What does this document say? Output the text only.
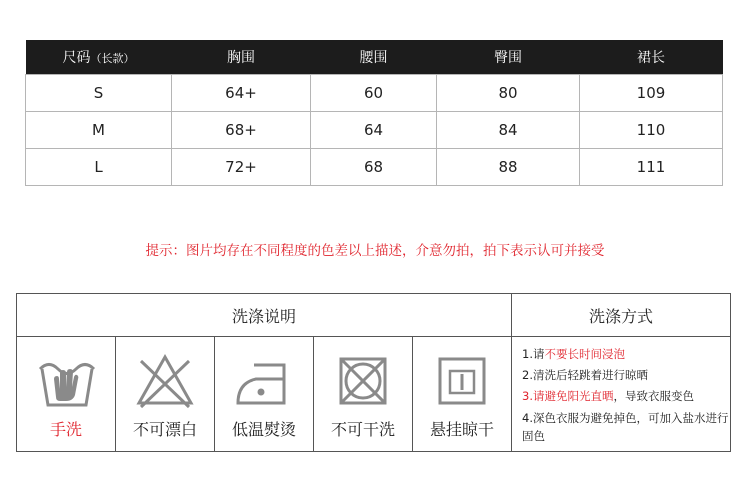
尺码（长款）	胸围	腰围	臀围	裙长
S	64+	60	80	109
M	68+	64	84	110
L	72+	68	88	111
提示：图片均存在不同程度的色差以上描述，介意勿拍，拍下表示认可并接受
洗涤说明	洗涤方式
手洗	不可漂白	低温熨烫	不可干洗	悬挂晾干
1.请不要长时间浸泡
2.清洗后轻跳着进行晾晒
3.请避免阳光直晒，导致衣服变色
4.深色衣服为避免掉色，可加入盐水进行固色
